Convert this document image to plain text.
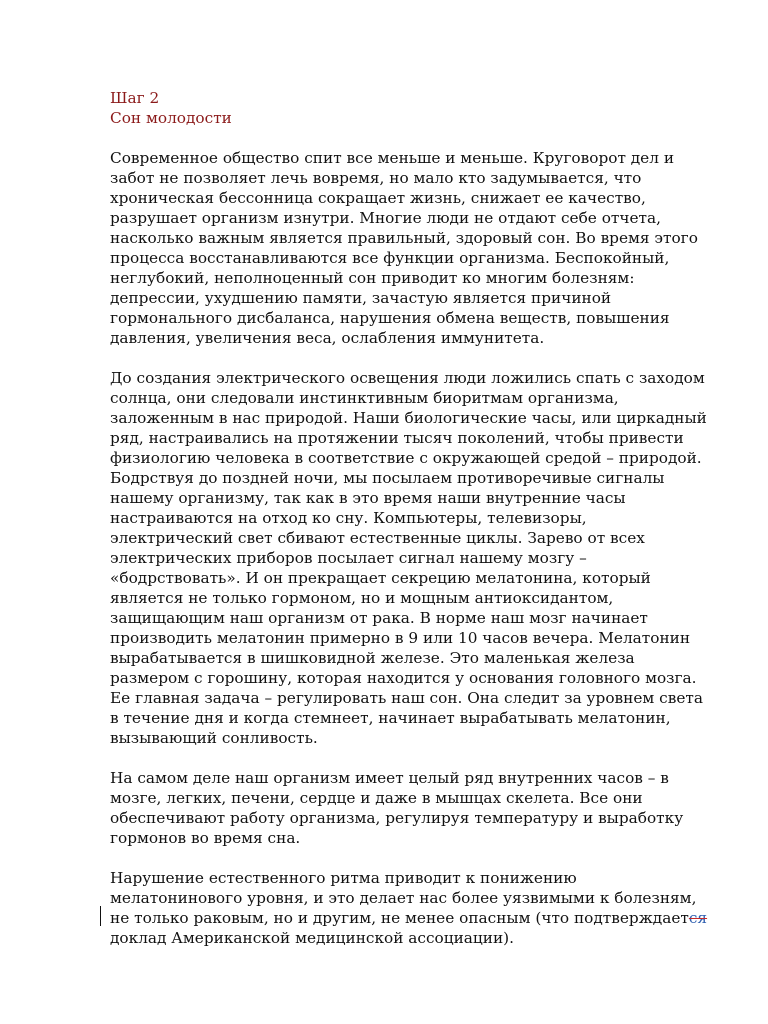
Шаг 2
Сон молодости

Современное общество спит все меньше и меньше. Круговорот дел и
забот не позволяет лечь вовремя, но мало кто задумывается, что
хроническая бессонница сокращает жизнь, снижает ее качество,
разрушает организм изнутри. Многие люди не отдают себе отчета,
насколько важным является правильный, здоровый сон. Во время этого
процесса восстанавливаются все функции организма. Беспокойный,
неглубокий, неполноценный сон приводит ко многим болезням:
депрессии, ухудшению памяти, зачастую является причиной
гормонального дисбаланса, нарушения обмена веществ, повышения
давления, увеличения веса, ослабления иммунитета.

До создания электрического освещения люди ложились спать с заходом
солнца, они следовали инстинктивным биоритмам организма,
заложенным в нас природой. Наши биологические часы, или циркадный
ряд, настраивались на протяжении тысяч поколений, чтобы привести
физиологию человека в соответствие с окружающей средой – природой.
Бодрствуя до поздней ночи, мы посылаем противоречивые сигналы
нашему организму, так как в это время наши внутренние часы
настраиваются на отход ко сну. Компьютеры, телевизоры,
электрический свет сбивают естественные циклы. Зарево от всех
электрических приборов посылает сигнал нашему мозгу –
«бодрствовать». И он прекращает секрецию мелатонина, который
является не только гормоном, но и мощным антиоксидантом,
защищающим наш организм от рака. В норме наш мозг начинает
производить мелатонин примерно в 9 или 10 часов вечера. Мелатонин
вырабатывается в шишковидной железе. Это маленькая железа
размером с горошину, которая находится у основания головного мозга.
Ее главная задача – регулировать наш сон. Она следит за уровнем света
в течение дня и когда стемнеет, начинает вырабатывать мелатонин,
вызывающий сонливость.

На самом деле наш организм имеет целый ряд внутренних часов – в
мозге, легких, печени, сердце и даже в мышцах скелета. Все они
обеспечивают работу организма, регулируя температуру и выработку
гормонов во время сна.

Нарушение естественного ритма приводит к понижению
мелатонинового уровня, и это делает нас более уязвимыми к болезням,
не только раковым, но и другим, не менее опасным (что подтверждается
доклад Американской медицинской ассоциации).
